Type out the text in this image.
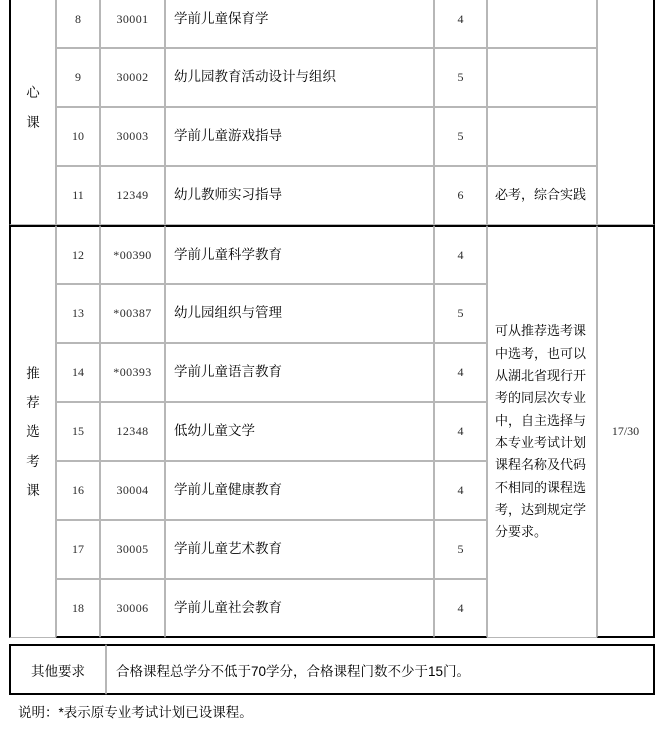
心课	8	30001	学前儿童保育学	4		
	9	30002	幼儿园教育活动设计与组织	5		
	10	30003	学前儿童游戏指导	5		
	11	12349	幼儿教师实习指导	6	必考，综合实践	

推荐选考课	12	*00390	学前儿童科学教育	4	可从推荐选考课中选考，也可以从湖北省现行开考的同层次专业中，自主选择与本专业考试计划课程名称及代码不相同的课程选考，达到规定学分要求。	17/30
	13	*00387	幼儿园组织与管理	5		
	14	*00393	学前儿童语言教育	4		
	15	12348	低幼儿童文学	4		
	16	30004	学前儿童健康教育	4		
	17	30005	学前儿童艺术教育	5		
	18	30006	学前儿童社会教育	4		
其他要求	合格课程总学分不低于70学分，合格课程门数不少于15门。
说明：*表示原专业考试计划已设课程。
